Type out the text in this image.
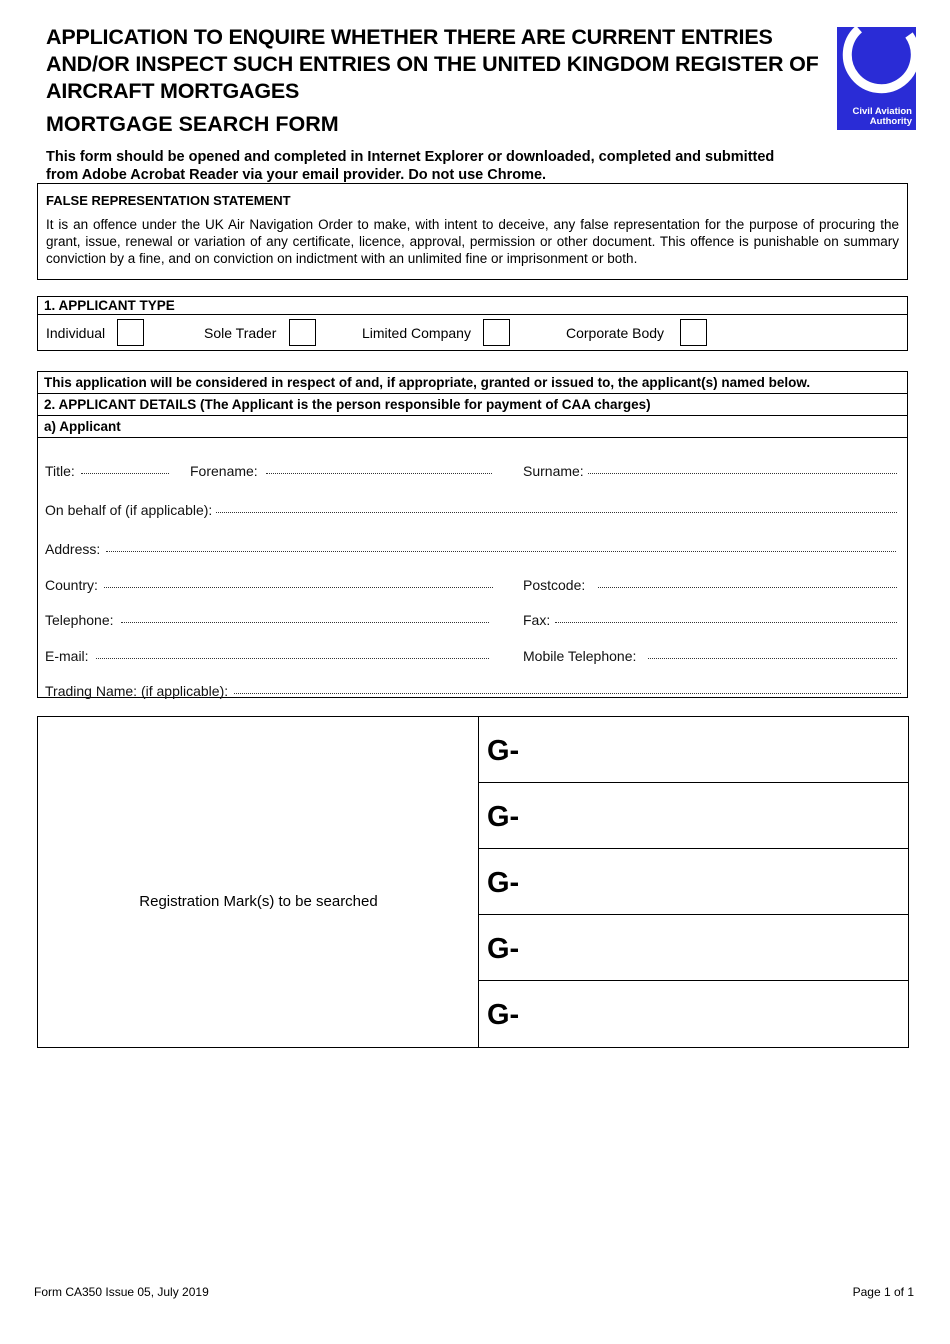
APPLICATION TO ENQUIRE WHETHER THERE ARE CURRENT ENTRIES AND/OR INSPECT SUCH ENTRIES ON THE UNITED KINGDOM REGISTER OF AIRCRAFT MORTGAGES
MORTGAGE SEARCH FORM
Civil Aviation
Authority
This form should be opened and completed in Internet Explorer or downloaded, completed and submitted from Adobe Acrobat Reader via your email provider. Do not use Chrome.
FALSE REPRESENTATION STATEMENT
It is an offence under the UK Air Navigation Order to make, with intent to deceive, any false representation for the purpose of procuring the grant, issue, renewal or variation of any certificate, licence, approval, permission or other document. This offence is punishable on summary conviction by a fine, and on conviction on indictment with an unlimited fine or imprisonment or both.
1. APPLICANT TYPE
Individual	Sole Trader	Limited Company	Corporate Body
This application will be considered in respect of and, if appropriate, granted or issued to, the applicant(s) named below.
2. APPLICANT DETAILS (The Applicant is the person responsible for payment of CAA charges)
a) Applicant
Title:	Forename:	Surname:
On behalf of (if applicable):
Address:
Country:	Postcode:
Telephone:	Fax:
E-mail:	Mobile Telephone:
Trading Name: (if applicable):
Registration Mark(s) to be searched
G-
G-
G-
G-
G-
Form CA350 Issue 05, July 2019	Page 1 of 1
